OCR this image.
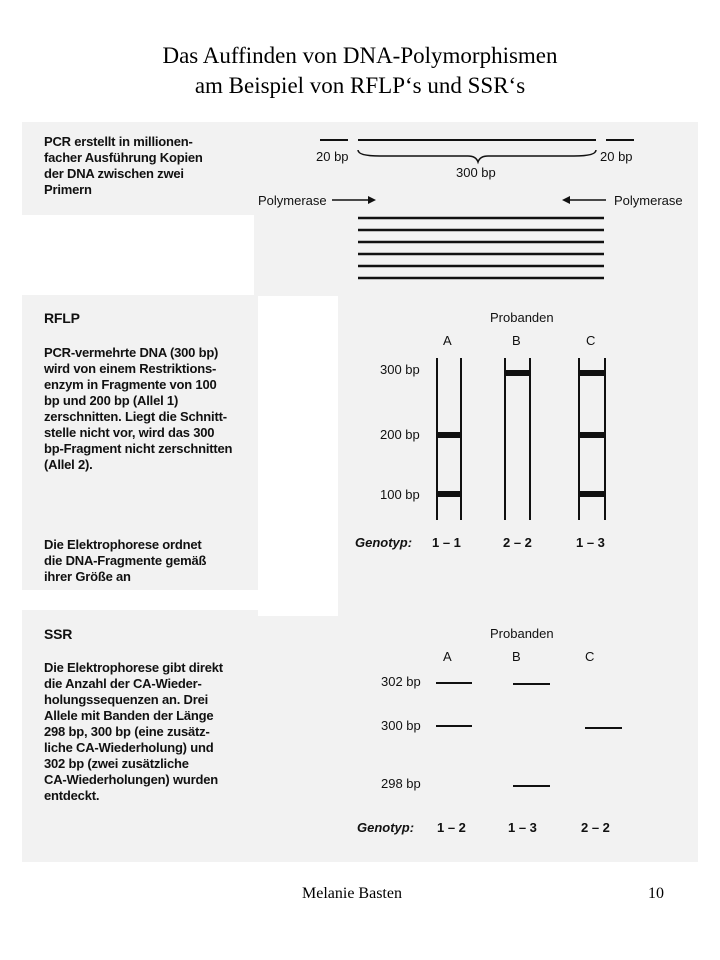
Das Auffinden von DNA-Polymorphismen
am Beispiel von RFLP‘s und SSR‘s
PCR erstellt in millionen-
facher Ausführung Kopien
der DNA zwischen zwei
Primern
RFLP
PCR-vermehrte DNA (300 bp)
wird von einem Restriktions-
enzym in Fragmente von 100
bp und 200 bp (Allel 1)
zerschnitten. Liegt die Schnitt-
stelle nicht vor, wird das 300
bp-Fragment nicht zerschnitten
(Allel 2).
Die Elektrophorese ordnet
die DNA-Fragmente gemäß
ihrer Größe an
SSR
Die Elektrophorese gibt direkt
die Anzahl der CA-Wieder-
holungssequenzen an. Drei
Allele mit Banden der Länge
298 bp, 300 bp (eine zusätz-
liche CA-Wiederholung) und
302 bp (zwei zusätzliche
CA-Wiederholungen) wurden
entdeckt.
20 bp	20 bp
300 bp
Polymerase	Polymerase
Probanden
A	B	C
300 bp
200 bp
100 bp
Genotyp: 1 – 1	2 – 2	1 – 3
Probanden
A	B	C
302 bp
300 bp
298 bp
Genotyp: 1 – 2	1 – 3	2 – 2
Melanie Basten	10
